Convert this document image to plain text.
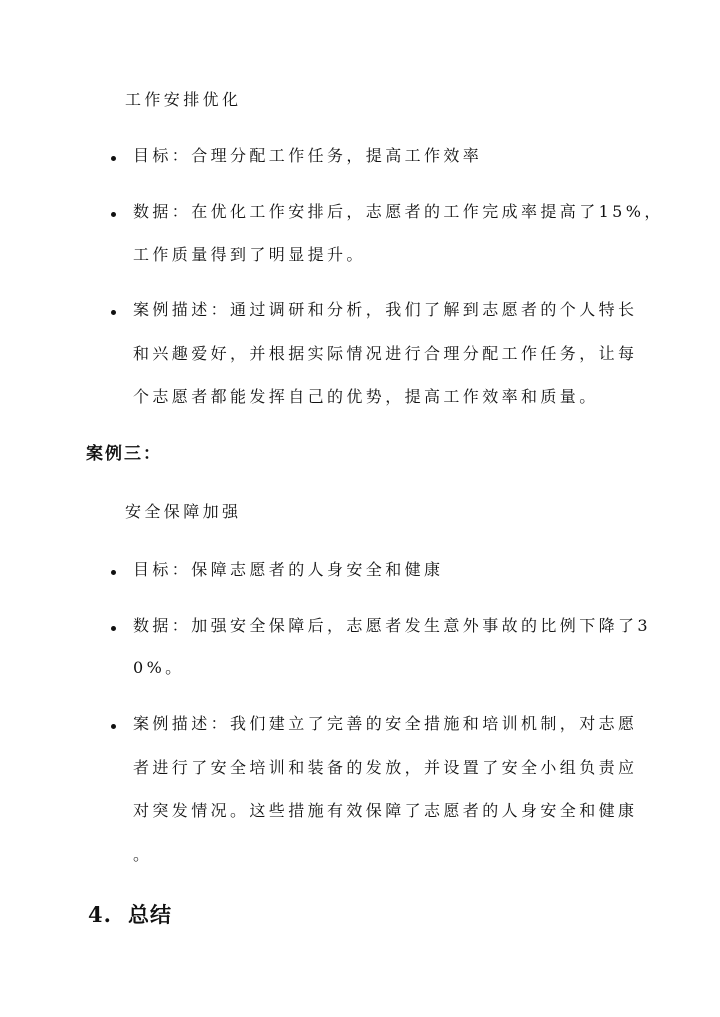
工作安排优化
目标：合理分配工作任务，提高工作效率
数据：在优化工作安排后，志愿者的工作完成率提高了15%，
工作质量得到了明显提升。
案例描述：通过调研和分析，我们了解到志愿者的个人特长
和兴趣爱好，并根据实际情况进行合理分配工作任务，让每
个志愿者都能发挥自己的优势，提高工作效率和质量。
案例三：
安全保障加强
目标：保障志愿者的人身安全和健康
数据：加强安全保障后，志愿者发生意外事故的比例下降了3
0%。
案例描述：我们建立了完善的安全措施和培训机制，对志愿
者进行了安全培训和装备的发放，并设置了安全小组负责应
对突发情况。这些措施有效保障了志愿者的人身安全和健康
。
4. 总结
